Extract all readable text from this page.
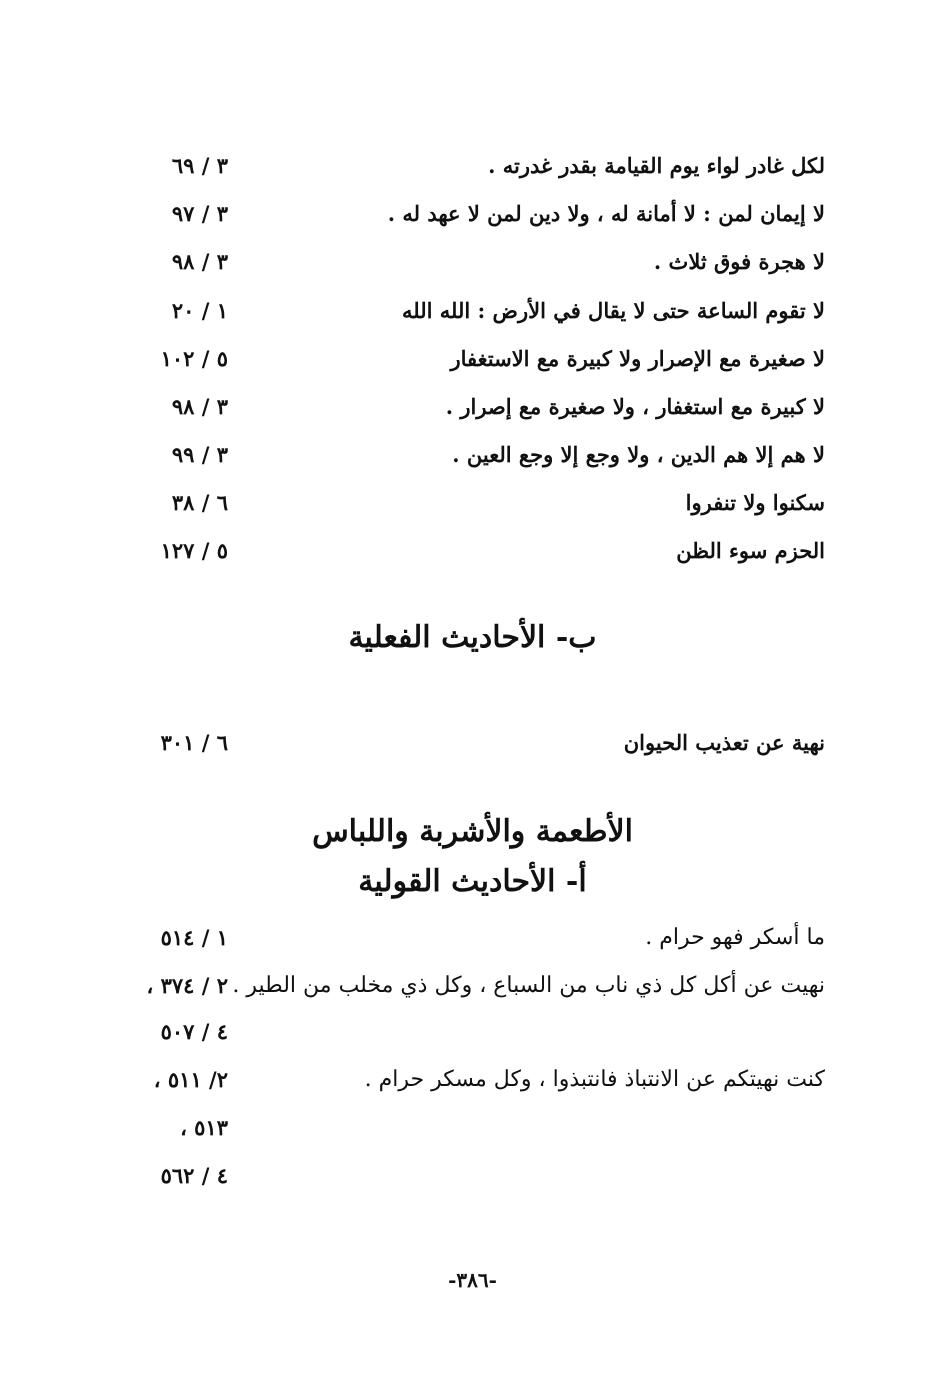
لكل غادر لواء يوم القيامة بقدر غدرته .
٣ / ٦٩
لا إيمان لمن : لا أمانة له ، ولا دين لمن لا عهد له .
٣ / ٩٧
لا هجرة فوق ثلاث .
٣ / ٩٨
لا تقوم الساعة حتى لا يقال في الأرض : الله الله
١ / ٢٠
لا صغيرة مع الإصرار ولا كبيرة مع الاستغفار
٥ / ١٠٢
لا كبيرة مع استغفار ، ولا صغيرة مع إصرار .
٣ / ٩٨
لا هم إلا هم الدين ، ولا وجع إلا وجع العين .
٣ / ٩٩
سكنوا ولا تنفروا
٦ / ٣٨
الحزم سوء الظن
٥ / ١٢٧
ب- الأحاديث الفعلية
نهية عن تعذيب الحيوان
٦ / ٣٠١
الأطعمة والأشربة واللباس
أ- الأحاديث القولية
ما أسكر فهو حرام .
١ / ٥١٤
نهيت عن أكل كل ذي ناب من السباع ، وكل ذي مخلب من الطير .
٢ / ٣٧٤ ،
٤ / ٥٠٧
كنت نهيتكم عن الانتباذ فانتبذوا ، وكل مسكر حرام .
٢/ ٥١١ ،
٥١٣ ،
٤ / ٥٦٢
-٣٨٦-
